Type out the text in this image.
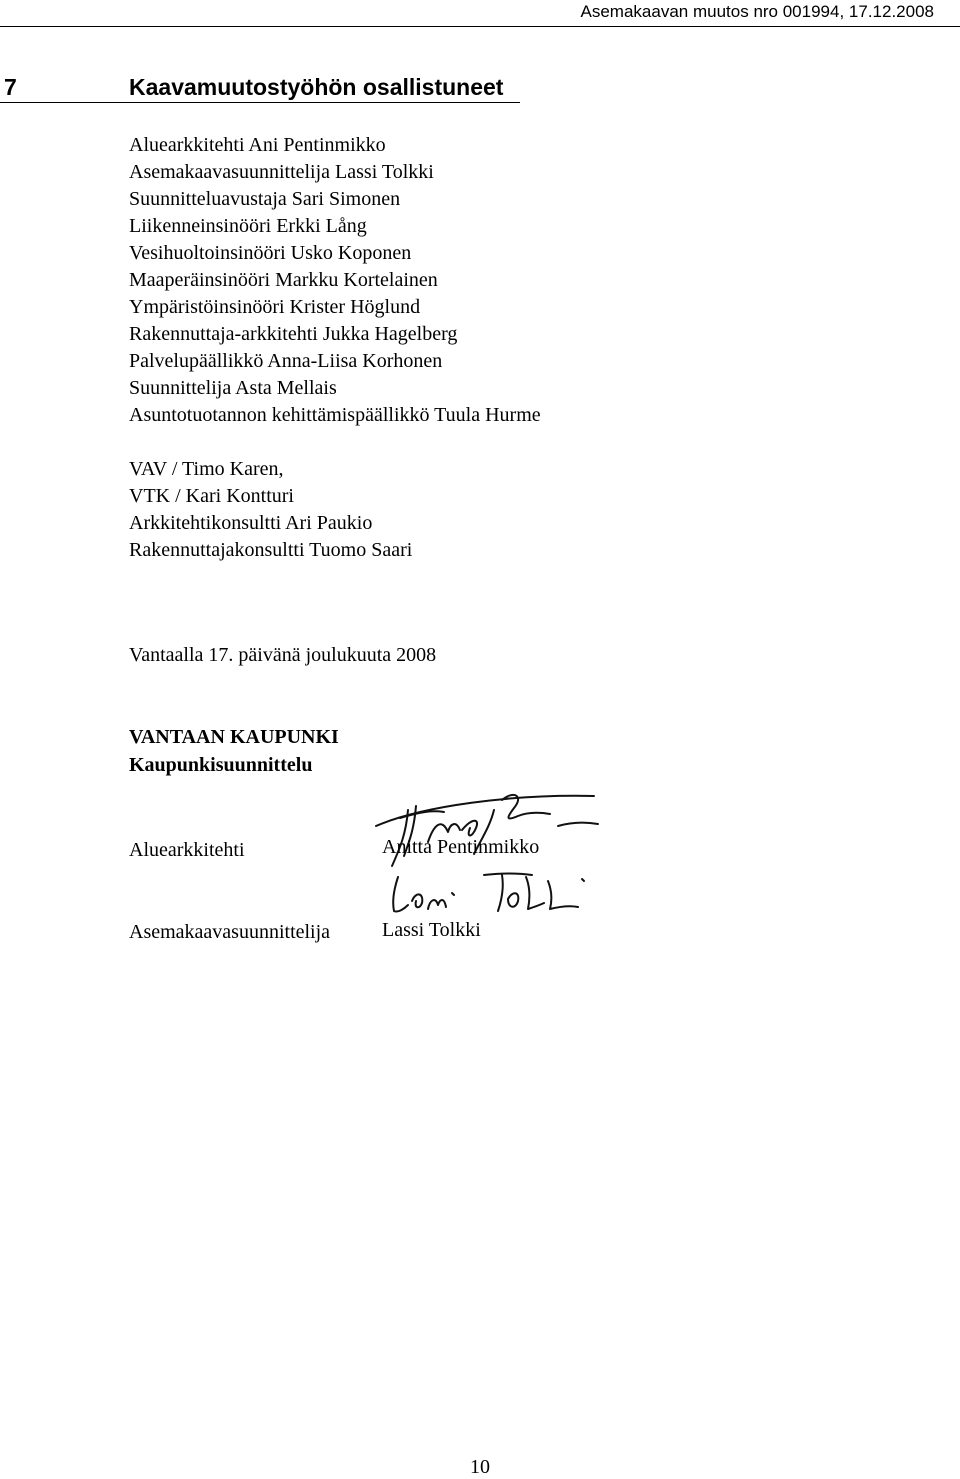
Asemakaavan muutos nro 001994, 17.12.2008
7	Kaavamuutostyöhön osallistuneet
Aluearkkitehti Ani Pentinmikko
Asemakaavasuunnittelija Lassi Tolkki
Suunnitteluavustaja Sari Simonen
Liikenneinsinööri Erkki Lång
Vesihuoltoinsinööri Usko Koponen
Maaperäinsinööri Markku Kortelainen
Ympäristöinsinööri Krister Höglund
Rakennuttaja-arkkitehti Jukka Hagelberg
Palvelupäällikkö Anna-Liisa Korhonen
Suunnittelija Asta Mellais
Asuntotuotannon kehittämispäällikkö Tuula Hurme
VAV / Timo Karen,
VTK / Kari Kontturi
Arkkitehtikonsultti Ari Paukio
Rakennuttajakonsultti Tuomo Saari
Vantaalla 17. päivänä joulukuuta 2008
VANTAAN KAUPUNKI
Kaupunkisuunnittelu
Aluearkkitehti	Anitta Pentinmikko
Asemakaavasuunnittelija	Lassi Tolkki
10
